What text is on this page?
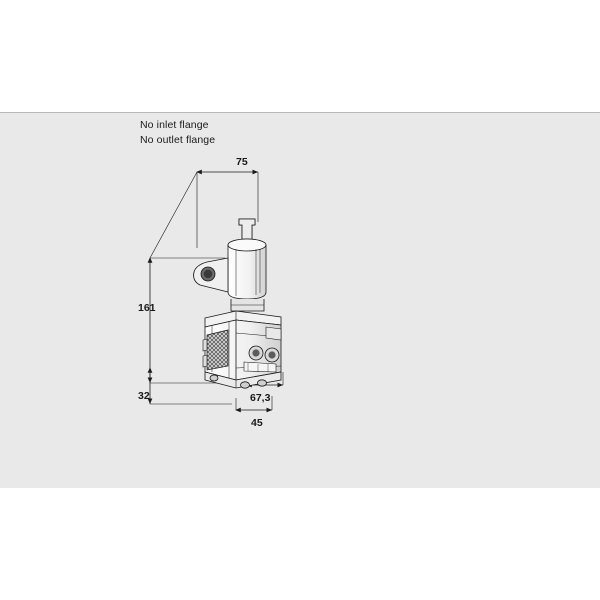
No inlet flange
No outlet flange
75
161
32	67,3
45
